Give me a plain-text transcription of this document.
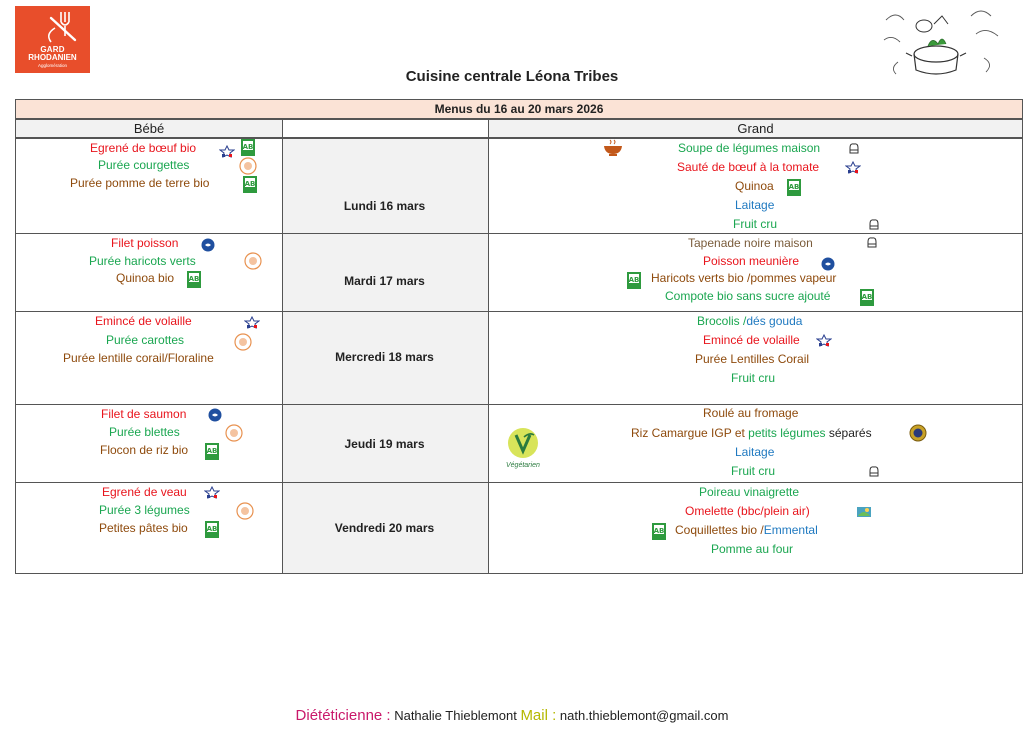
GARD
RHODANIEN
Agglomération
Cuisine centrale Léona Tribes
Menus du 16 au 20 mars 2026
Bébé	Grand
Lundi 16 mars
Mardi 17 mars
Mercredi 18 mars
Jeudi 19 mars
Vendredi 20 mars
Egrené de bœuf bio
Purée courgettes
Purée pomme de terre bio
Filet poisson
Purée haricots verts
Quinoa bio
Emincé de volaille
Purée carottes
Purée lentille corail/Floraline
Filet de saumon
Purée blettes
Flocon de riz bio
Egrené de veau
Purée 3 légumes
Petites pâtes bio
Soupe de légumes maison
Sauté de bœuf à la tomate
Quinoa
Laitage
Fruit cru
Tapenade noire maison
Poisson meunière
Haricots verts bio /pommes vapeur
Compote bio sans sucre ajouté
Brocolis /dés gouda
Emincé de volaille
Purée Lentilles Corail
Fruit cru
Roulé au fromage
Riz Camargue IGP et petits légumes séparés
Laitage
Fruit cru
Poireau vinaigrette
Omelette (bbc/plein air)
Coquillettes bio /Emmental
Pomme au four
AB
AB
AB
AB
AB
AB
AB
AB
AB
Végétarien
Diététicienne : Nathalie Thieblemont Mail : nath.thieblemont@gmail.com
